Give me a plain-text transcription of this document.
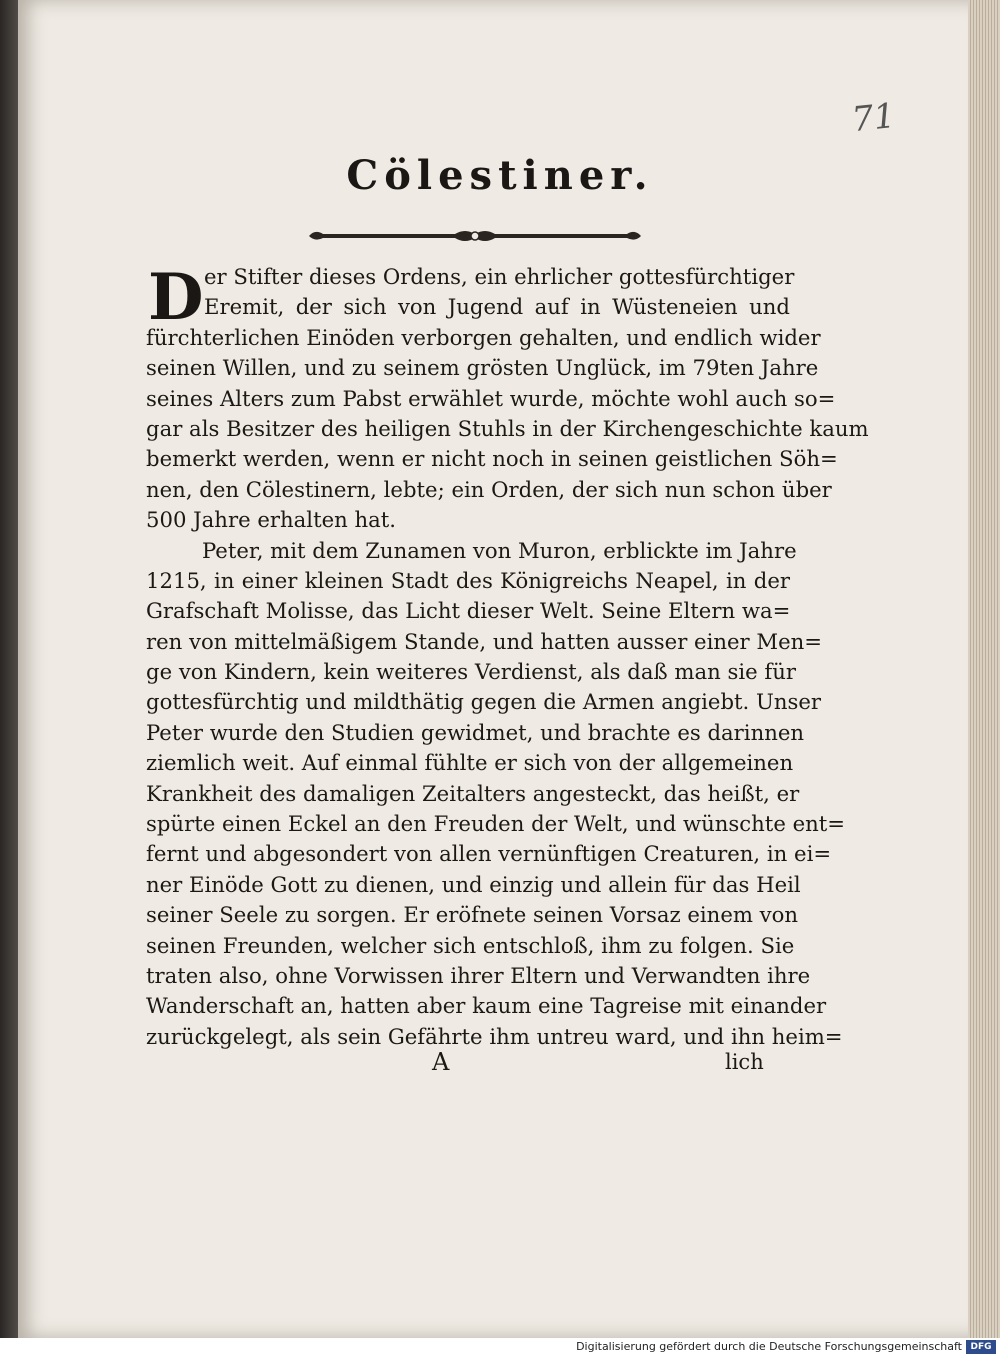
71
Cölestiner.
D er Stifter dieses Ordens, ein ehrlicher gottesfürchtiger
Eremit, der sich von Jugend auf in Wüsteneien und
fürchterlichen Einöden verborgen gehalten, und endlich wider
seinen Willen, und zu seinem grösten Unglück, im 79ten Jahre
seines Alters zum Pabst erwählet wurde, möchte wohl auch so=
gar als Besitzer des heiligen Stuhls in der Kirchengeschichte kaum
bemerkt werden, wenn er nicht noch in seinen geistlichen Söh=
nen, den Cölestinern, lebte; ein Orden, der sich nun schon über
500 Jahre erhalten hat.
Peter, mit dem Zunamen von Muron, erblickte im Jahre
1215, in einer kleinen Stadt des Königreichs Neapel, in der
Grafschaft Molisse, das Licht dieser Welt. Seine Eltern wa=
ren von mittelmäßigem Stande, und hatten ausser einer Men=
ge von Kindern, kein weiteres Verdienst, als daß man sie für
gottesfürchtig und mildthätig gegen die Armen angiebt. Unser
Peter wurde den Studien gewidmet, und brachte es darinnen
ziemlich weit. Auf einmal fühlte er sich von der allgemeinen
Krankheit des damaligen Zeitalters angesteckt, das heißt, er
spürte einen Eckel an den Freuden der Welt, und wünschte ent=
fernt und abgesondert von allen vernünftigen Creaturen, in ei=
ner Einöde Gott zu dienen, und einzig und allein für das Heil
seiner Seele zu sorgen. Er eröfnete seinen Vorsaz einem von
seinen Freunden, welcher sich entschloß, ihm zu folgen. Sie
traten also, ohne Vorwissen ihrer Eltern und Verwandten ihre
Wanderschaft an, hatten aber kaum eine Tagreise mit einander
zurückgelegt, als sein Gefährte ihm untreu ward, und ihn heim=
A	lich
Digitalisierung gefördert durch die Deutsche Forschungsgemeinschaft DFG
